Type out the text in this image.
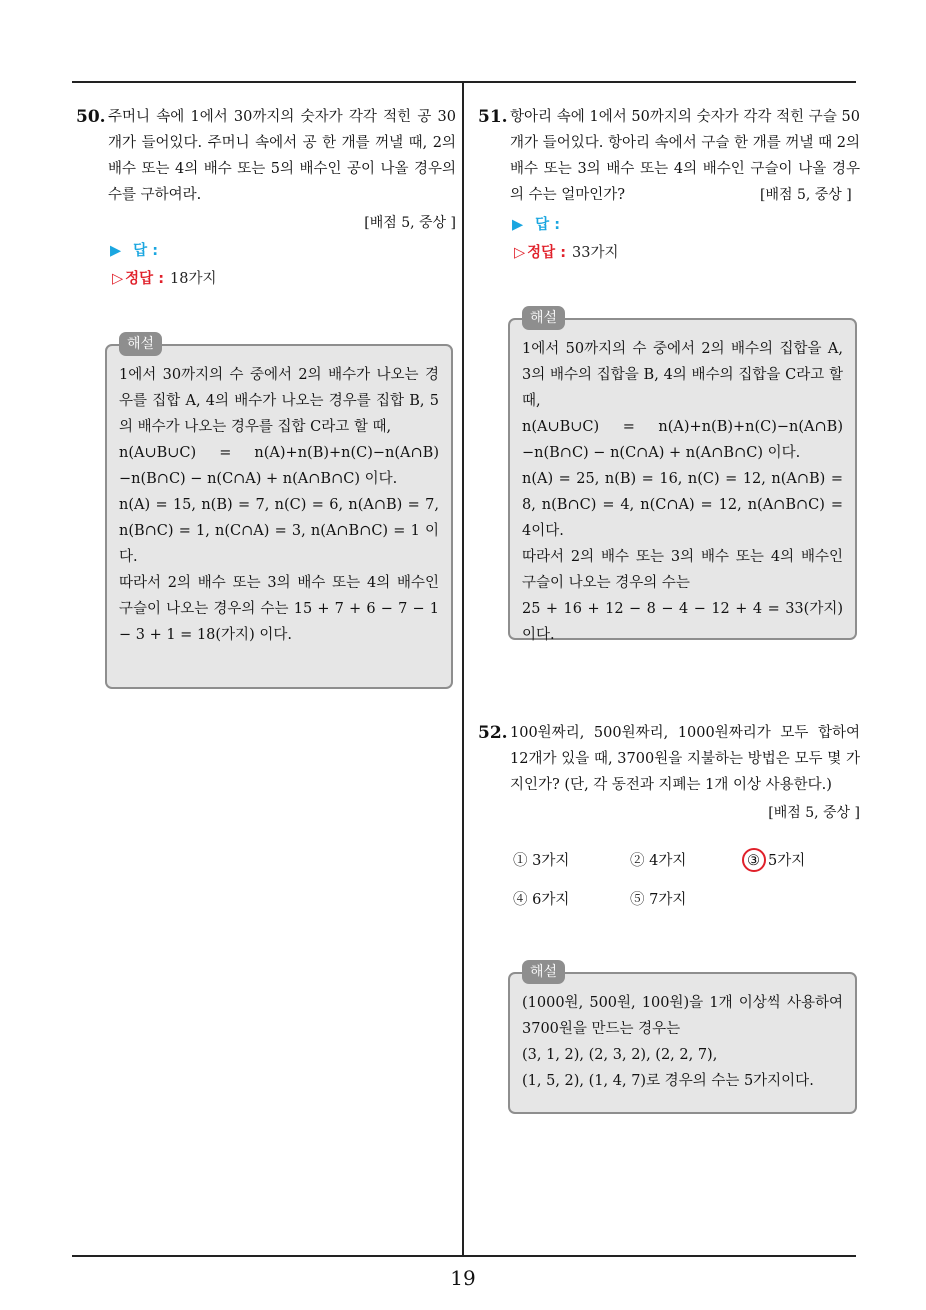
19
50. 주머니 속에 1에서 30까지의 숫자가 각각 적힌 공 30개가 들어있다. 주머니 속에서 공 한 개를 꺼낼 때, 2의 배수 또는 4의 배수 또는 5의 배수인 공이 나올 경우의 수를 구하여라.
[배점 5, 중상 ]
▶ 답 :
▷ 정답 : 18가지
해설
1에서 30까지의 수 중에서 2의 배수가 나오는 경우를 집합 A, 4의 배수가 나오는 경우를 집합 B, 5의 배수가 나오는 경우를 집합 C라고 할 때,
n(A∪B∪C) = n(A)+n(B)+n(C)−n(A∩B)−n(B∩C) − n(C∩A) + n(A∩B∩C) 이다.
n(A) = 15, n(B) = 7, n(C) = 6, n(A∩B) = 7, n(B∩C) = 1, n(C∩A) = 3, n(A∩B∩C) = 1 이다.
따라서 2의 배수 또는 3의 배수 또는 4의 배수인 구슬이 나오는 경우의 수는 15 + 7 + 6 − 7 − 1 − 3 + 1 = 18(가지) 이다.
51. 항아리 속에 1에서 50까지의 숫자가 각각 적힌 구슬 50개가 들어있다. 항아리 속에서 구슬 한 개를 꺼낼 때 2의 배수 또는 3의 배수 또는 4의 배수인 구슬이 나올 경우의 수는 얼마인가?	[배점 5, 중상 ]
▶ 답 :
▷ 정답 : 33가지
해설
1에서 50까지의 수 중에서 2의 배수의 집합을 A, 3의 배수의 집합을 B, 4의 배수의 집합을 C라고 할 때,
n(A∪B∪C) = n(A)+n(B)+n(C)−n(A∩B)−n(B∩C) − n(C∩A) + n(A∩B∩C) 이다.
n(A) = 25, n(B) = 16, n(C) = 12, n(A∩B) = 8, n(B∩C) = 4, n(C∩A) = 12, n(A∩B∩C) = 4이다.
따라서 2의 배수 또는 3의 배수 또는 4의 배수인 구슬이 나오는 경우의 수는
25 + 16 + 12 − 8 − 4 − 12 + 4 = 33(가지) 이다.
52. 100원짜리, 500원짜리, 1000원짜리가 모두 합하여 12개가 있을 때, 3700원을 지불하는 방법은 모두 몇 가지인가? (단, 각 동전과 지폐는 1개 이상 사용한다.)
[배점 5, 중상 ]
① 3가지	② 4가지	③ 5가지
④ 6가지	⑤ 7가지
해설
(1000원, 500원, 100원)을 1개 이상씩 사용하여 3700원을 만드는 경우는
(3, 1, 2), (2, 3, 2), (2, 2, 7),
(1, 5, 2), (1, 4, 7)로 경우의 수는 5가지이다.
